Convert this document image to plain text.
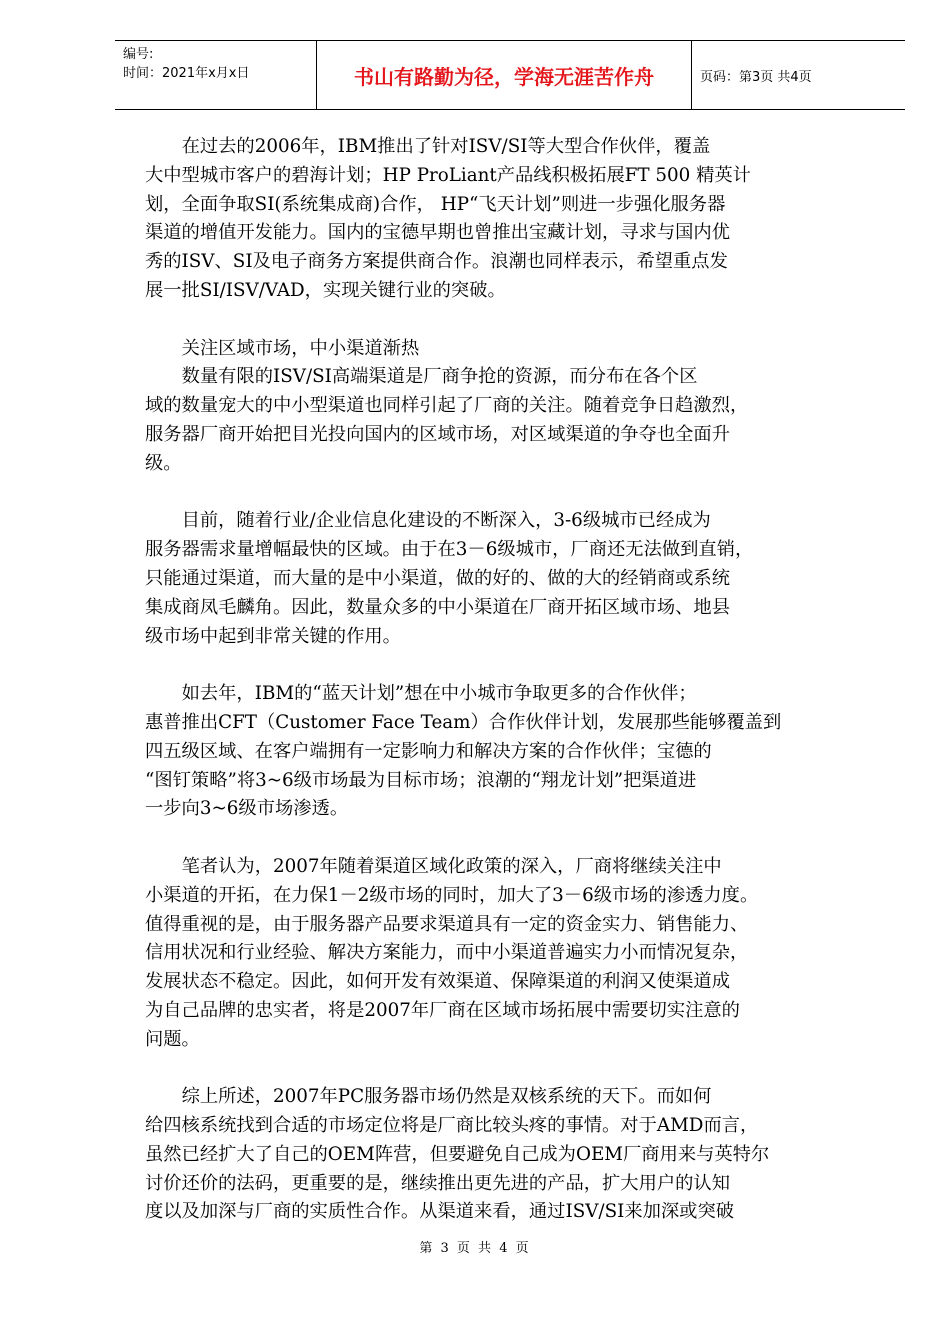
编号:
时间：2021年x月x日	书山有路勤为径，学海无涯苦作舟	页码：第3页 共4页

在过去的2006年，IBM推出了针对ISV/SI等大型合作伙伴，覆盖
大中型城市客户的碧海计划；HP ProLiant产品线积极拓展FT 500 精英计
划，全面争取SI(系统集成商)合作， HP“飞天计划”则进一步强化服务器
渠道的增值开发能力。国内的宝德早期也曾推出宝藏计划，寻求与国内优
秀的ISV、SI及电子商务方案提供商合作。浪潮也同样表示，希望重点发
展一批SI/ISV/VAD，实现关键行业的突破。

关注区域市场，中小渠道渐热

数量有限的ISV/SI高端渠道是厂商争抢的资源，而分布在各个区
域的数量宠大的中小型渠道也同样引起了厂商的关注。随着竞争日趋激烈，
服务器厂商开始把目光投向国内的区域市场，对区域渠道的争夺也全面升
级。

目前，随着行业/企业信息化建设的不断深入，3-6级城市已经成为
服务器需求量增幅最快的区域。由于在3－6级城市，厂商还无法做到直销，
只能通过渠道，而大量的是中小渠道，做的好的、做的大的经销商或系统
集成商凤毛麟角。因此，数量众多的中小渠道在厂商开拓区域市场、地县
级市场中起到非常关键的作用。

如去年，IBM的“蓝天计划”想在中小城市争取更多的合作伙伴；
惠普推出CFT（Customer Face Team）合作伙伴计划，发展那些能够覆盖到
四五级区域、在客户端拥有一定影响力和解决方案的合作伙伴；宝德的
“图钉策略”将3~6级市场最为目标市场；浪潮的“翔龙计划”把渠道进
一步向3~6级市场渗透。

笔者认为，2007年随着渠道区域化政策的深入，厂商将继续关注中
小渠道的开拓，在力保1－2级市场的同时，加大了3－6级市场的渗透力度。
值得重视的是，由于服务器产品要求渠道具有一定的资金实力、销售能力、
信用状况和行业经验、解决方案能力，而中小渠道普遍实力小而情况复杂，
发展状态不稳定。因此，如何开发有效渠道、保障渠道的利润又使渠道成
为自己品牌的忠实者，将是2007年厂商在区域市场拓展中需要切实注意的
问题。

综上所述，2007年PC服务器市场仍然是双核系统的天下。而如何
给四核系统找到合适的市场定位将是厂商比较头疼的事情。对于AMD而言，
虽然已经扩大了自己的OEM阵营，但要避免自己成为OEM厂商用来与英特尔
讨价还价的法码，更重要的是，继续推出更先进的产品，扩大用户的认知
度以及加深与厂商的实质性合作。从渠道来看，通过ISV/SI来加深或突破

第 3 页 共 4 页
